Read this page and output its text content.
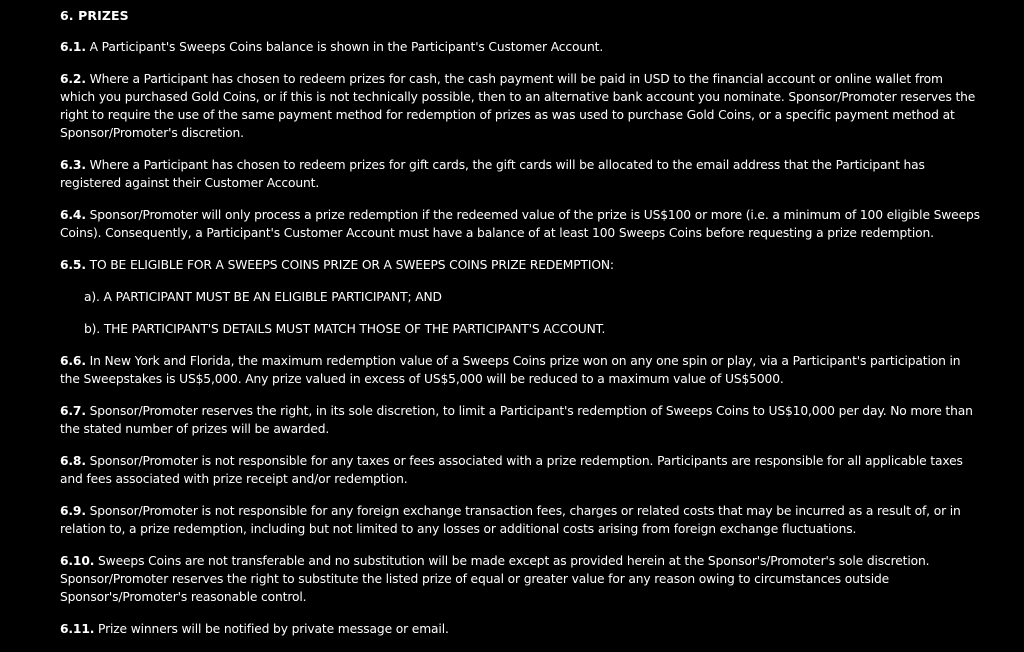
6. PRIZES

6.1. A Participant's Sweeps Coins balance is shown in the Participant's Customer Account.

6.2. Where a Participant has chosen to redeem prizes for cash, the cash payment will be paid in USD to the financial account or online wallet from which you purchased Gold Coins, or if this is not technically possible, then to an alternative bank account you nominate. Sponsor/Promoter reserves the right to require the use of the same payment method for redemption of prizes as was used to purchase Gold Coins, or a specific payment method at Sponsor/Promoter's discretion.

6.3. Where a Participant has chosen to redeem prizes for gift cards, the gift cards will be allocated to the email address that the Participant has registered against their Customer Account.

6.4. Sponsor/Promoter will only process a prize redemption if the redeemed value of the prize is US$100 or more (i.e. a minimum of 100 eligible Sweeps Coins). Consequently, a Participant's Customer Account must have a balance of at least 100 Sweeps Coins before requesting a prize redemption.

6.5. TO BE ELIGIBLE FOR A SWEEPS COINS PRIZE OR A SWEEPS COINS PRIZE REDEMPTION:

a). A PARTICIPANT MUST BE AN ELIGIBLE PARTICIPANT; AND

b). THE PARTICIPANT'S DETAILS MUST MATCH THOSE OF THE PARTICIPANT'S ACCOUNT.

6.6. In New York and Florida, the maximum redemption value of a Sweeps Coins prize won on any one spin or play, via a Participant's participation in the Sweepstakes is US$5,000. Any prize valued in excess of US$5,000 will be reduced to a maximum value of US$5000.

6.7. Sponsor/Promoter reserves the right, in its sole discretion, to limit a Participant's redemption of Sweeps Coins to US$10,000 per day. No more than the stated number of prizes will be awarded.

6.8. Sponsor/Promoter is not responsible for any taxes or fees associated with a prize redemption. Participants are responsible for all applicable taxes and fees associated with prize receipt and/or redemption.

6.9. Sponsor/Promoter is not responsible for any foreign exchange transaction fees, charges or related costs that may be incurred as a result of, or in relation to, a prize redemption, including but not limited to any losses or additional costs arising from foreign exchange fluctuations.

6.10. Sweeps Coins are not transferable and no substitution will be made except as provided herein at the Sponsor's/Promoter's sole discretion. Sponsor/Promoter reserves the right to substitute the listed prize of equal or greater value for any reason owing to circumstances outside Sponsor's/Promoter's reasonable control.

6.11. Prize winners will be notified by private message or email.
